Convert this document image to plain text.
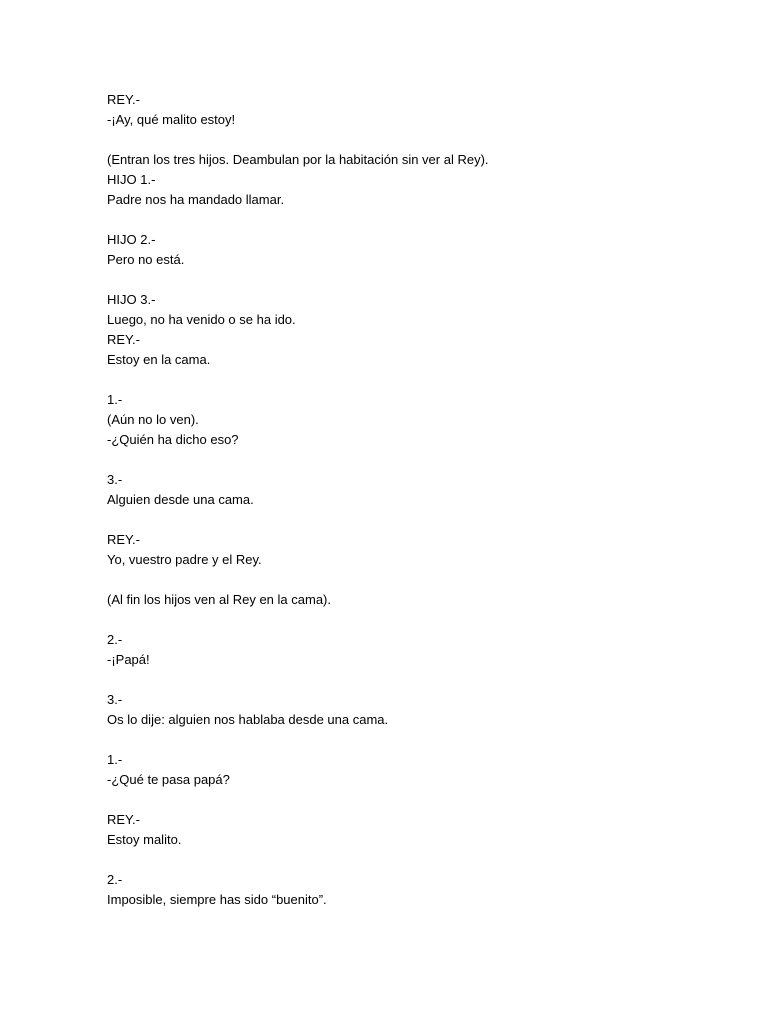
REY.-
-¡Ay, qué malito estoy!
(Entran los tres hijos. Deambulan por la habitación sin ver al Rey).
HIJO 1.-
Padre nos ha mandado llamar.
HIJO 2.-
Pero no está.
HIJO 3.-
Luego, no ha venido o se ha ido.
REY.-
Estoy en la cama.
1.-
(Aún no lo ven).
-¿Quién ha dicho eso?
3.-
Alguien desde una cama.
REY.-
Yo, vuestro padre y el Rey.
(Al fin los hijos ven al Rey en la cama).
2.-
-¡Papá!
3.-
Os lo dije: alguien nos hablaba desde una cama.
1.-
-¿Qué te pasa papá?
REY.-
Estoy malito.
2.-
Imposible, siempre has sido “buenito”.
